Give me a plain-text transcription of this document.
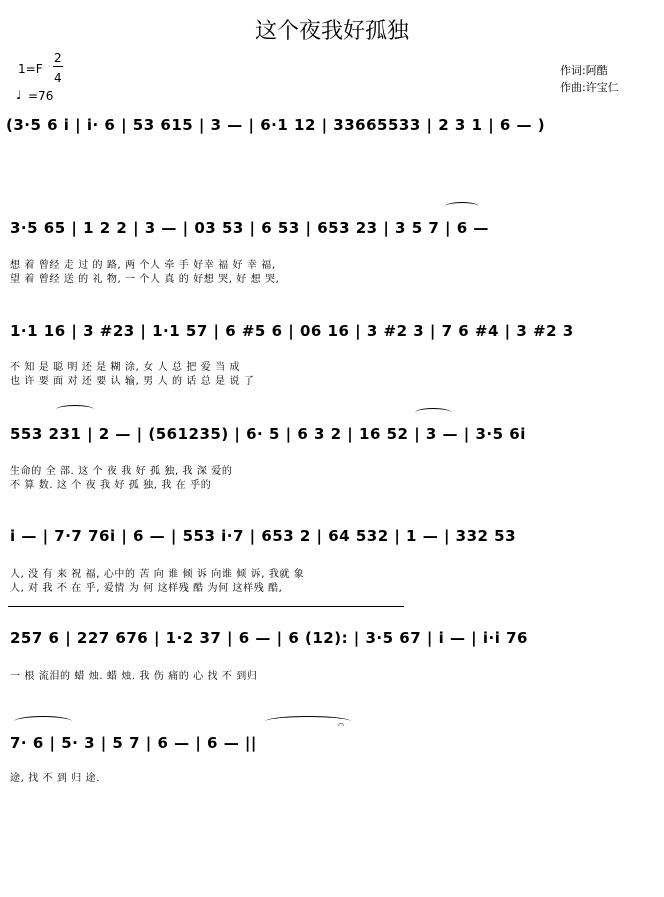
这个夜我好孤独
1=F
2
4
♩ =76
作词:阿酷
作曲:许宝仁
(3·5 6 i | i· 6 | 53 615 | 3 — | 6·1 12 | 33665533 | 2 3 1 | 6 — )
3·5 65 | 1 2 2 | 3 — | 03 53 | 6 53 | 653 23 | 3 5 7 | 6 —
想 着 曾经 走 过 的 路, 两 个人 牵 手 好幸 福 好 幸 福,
望 着 曾经 送 的 礼 物, 一 个人 真 的 好想 哭, 好 想 哭,
1·1 16 | 3 #23 | 1·1 57 | 6 #5 6 | 06 16 | 3 #2 3 | 7 6 #4 | 3 #2 3
不 知 是 聪 明 还 是 糊 涂, 女 人 总 把 爱 当 成
也 许 要 面 对 还 要 认 输, 男 人 的 话 总 是 说 了
553 231 | 2 — | (561235) | 6· 5 | 6 3 2 | 16 52 | 3 — | 3·5 6i
生命的 全 部. 这 个 夜 我 好 孤 独, 我 深 爱的
不 算 数. 这 个 夜 我 好 孤 独, 我 在 乎的
i — | 7·7 76i | 6 — | 553 i·7 | 653 2 | 64 532 | 1 — | 332 53
人, 没 有 来 祝 福, 心中的 苦 向 谁 倾 诉 向谁 倾 诉, 我就 象
人, 对 我 不 在 乎, 爱情 为 何 这样残 酷 为何 这样残 酷,
257 6 | 227 676 | 1·2 37 | 6 — | 6 (12): | 3·5 67 | i — | i·i 76
一 根 流泪的 蜡 烛. 蜡 烛. 我 伤 痛的 心 找 不 到归
7· 6 | 5· 3 | 5 7 | 6 — | 6 — ||
途, 找 不 到 归 途.
𝄐
